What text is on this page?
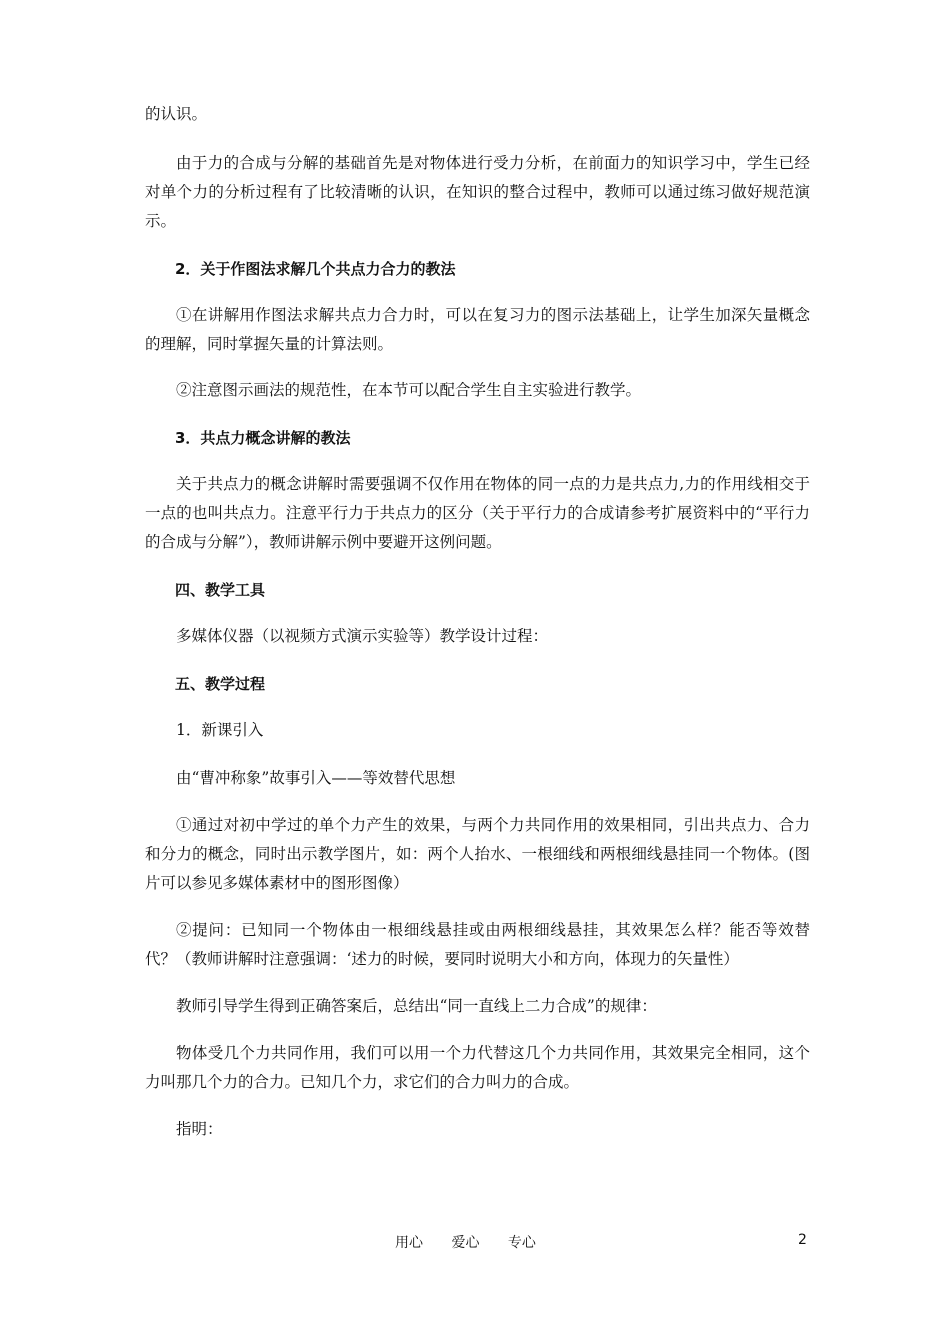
的认识。

由于力的合成与分解的基础首先是对物体进行受力分析，在前面力的知识学习中，学生已经对单个力的分析过程有了比较清晰的认识，在知识的整合过程中，教师可以通过练习做好规范演示。

2．关于作图法求解几个共点力合力的教法

①在讲解用作图法求解共点力合力时，可以在复习力的图示法基础上，让学生加深矢量概念的理解，同时掌握矢量的计算法则。

②注意图示画法的规范性，在本节可以配合学生自主实验进行教学。

3．共点力概念讲解的教法

关于共点力的概念讲解时需要强调不仅作用在物体的同一点的力是共点力,力的作用线相交于一点的也叫共点力。注意平行力于共点力的区分（关于平行力的合成请参考扩展资料中的“平行力的合成与分解”），教师讲解示例中要避开这例问题。

四、教学工具

多媒体仪器（以视频方式演示实验等）教学设计过程：

五、教学过程

1．新课引入

由“曹冲称象”故事引入——等效替代思想

①通过对初中学过的单个力产生的效果，与两个力共同作用的效果相同，引出共点力、合力和分力的概念，同时出示教学图片，如：两个人抬水、一根细线和两根细线悬挂同一个物体。(图片可以参见多媒体素材中的图形图像）

②提问：已知同一个物体由一根细线悬挂或由两根细线悬挂，其效果怎么样？能否等效替代？（教师讲解时注意强调：‘述力的时候，要同时说明大小和方向，体现力的矢量性）

教师引导学生得到正确答案后，总结出“同一直线上二力合成”的规律：

物体受几个力共同作用，我们可以用一个力代替这几个力共同作用，其效果完全相同，这个力叫那几个力的合力。已知几个力，求它们的合力叫力的合成。

指明：

用心 爱心 专心	2
